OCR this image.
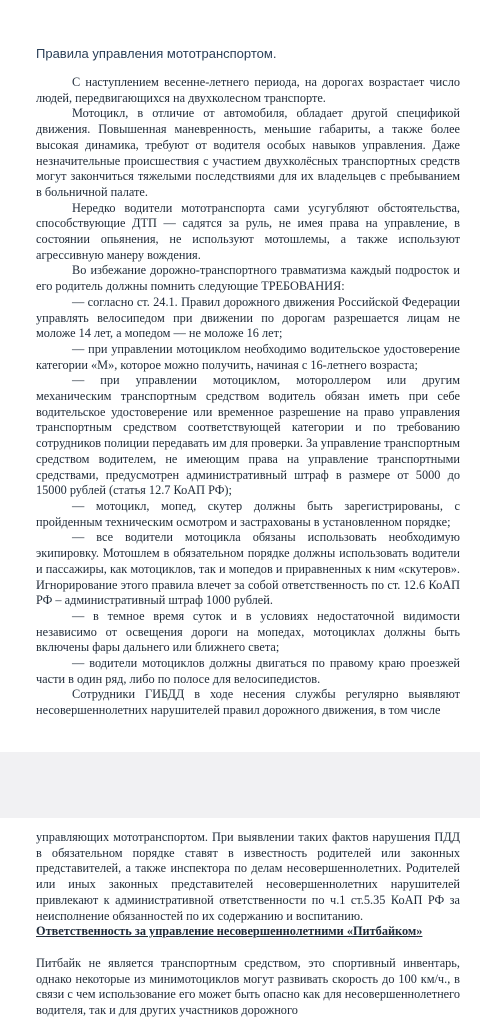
Правила управления мототранспортом.

С наступлением весенне-летнего периода, на дорогах возрастает число людей, передвигающихся на двухколесном транспорте.

Мотоцикл, в отличие от автомобиля, обладает другой спецификой движения. Повышенная маневренность, меньшие габариты, а также более высокая динамика, требуют от водителя особых навыков управления. Даже незначительные происшествия с участием двухколёсных транспортных средств могут закончиться тяжелыми последствиями для их владельцев с пребыванием в больничной палате.

Нередко водители мототранспорта сами усугубляют обстоятельства, способствующие ДТП — садятся за руль, не имея права на управление, в состоянии опьянения, не используют мотошлемы, а также используют агрессивную манеру вождения.

Во избежание дорожно-транспортного травматизма каждый подросток и его родитель должны помнить следующие ТРЕБОВАНИЯ:

— согласно ст. 24.1. Правил дорожного движения Российской Федерации управлять велосипедом при движении по дорогам разрешается лицам не моложе 14 лет, а мопедом — не моложе 16 лет;

— при управлении мотоциклом необходимо водительское удостоверение категории «М», которое можно получить, начиная с 16-летнего возраста;

— при управлении мотоциклом, мотороллером или другим механическим транспортным средством водитель обязан иметь при себе водительское удостоверение или временное разрешение на право управления транспортным средством соответствующей категории и по требованию сотрудников полиции передавать им для проверки. За управление транспортным средством водителем, не имеющим права на управление транспортными средствами, предусмотрен административный штраф в размере от 5000 до 15000 рублей (статья 12.7 КоАП РФ);

— мотоцикл, мопед, скутер должны быть зарегистрированы, с пройденным техническим осмотром и застрахованы в установленном порядке;

— все водители мотоцикла обязаны использовать необходимую экипировку. Мотошлем в обязательном порядке должны использовать водители и пассажиры, как мотоциклов, так и мопедов и приравненных к ним «скутеров». Игнорирование этого правила влечет за собой ответственность по ст. 12.6 КоАП РФ – административный штраф 1000 рублей.

— в темное время суток и в условиях недостаточной видимости независимо от освещения дороги на мопедах, мотоциклах должны быть включены фары дальнего или ближнего света;

— водители мотоциклов должны двигаться по правому краю проезжей части в один ряд, либо по полосе для велосипедистов.

Сотрудники ГИБДД в ходе несения службы регулярно выявляют несовершеннолетних нарушителей правил дорожного движения, в том числе

управляющих мототранспортом. При выявлении таких фактов нарушения ПДД в обязательном порядке ставят в известность родителей или законных представителей, а также инспектора по делам несовершеннолетних. Родителей или иных законных представителей несовершеннолетних нарушителей привлекают к административной ответственности по ч.1 ст.5.35 КоАП РФ за неисполнение обязанностей по их содержанию и воспитанию.

Ответственность за управление несовершеннолетними «Питбайком»

Питбайк не является транспортным средством, это спортивный инвентарь, однако некоторые из минимотоциклов могут развивать скорость до 100 км/ч., в связи с чем использование его может быть опасно как для несовершеннолетнего водителя, так и для других участников дорожного
